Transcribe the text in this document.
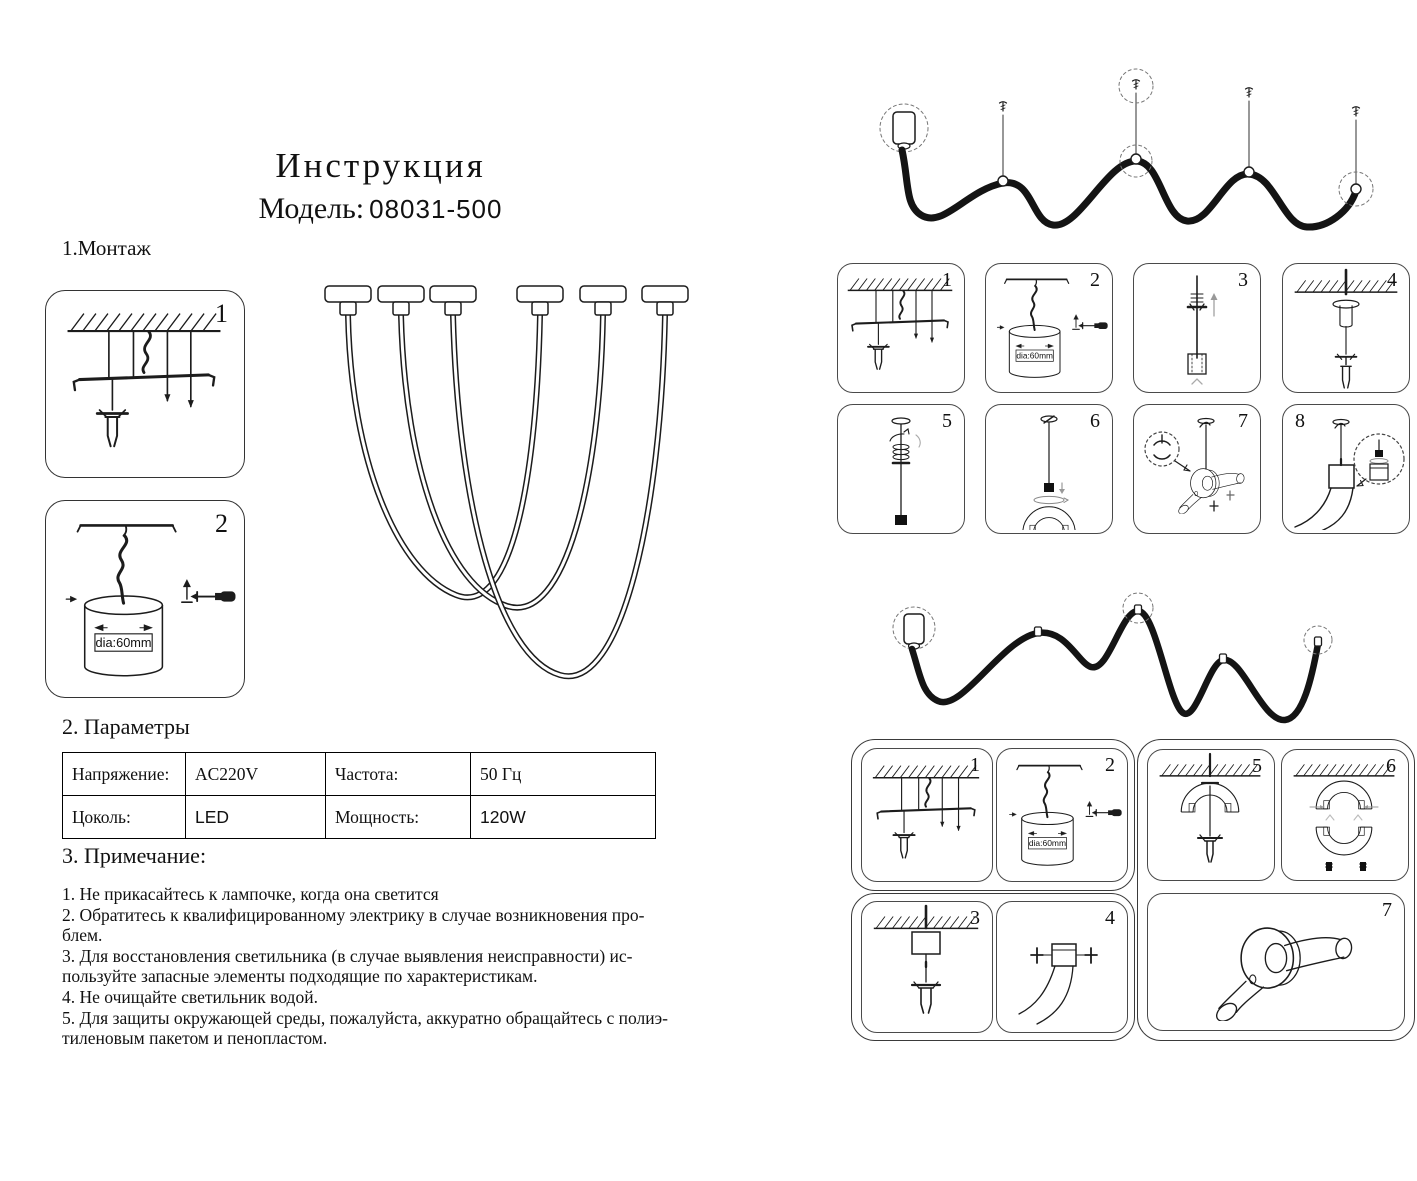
Инструкция
Модель: 08031-500
1.Монтаж
1
2
2. Параметры
Напряжение:	AC220V	Частота:	50 Гц
Цоколь:	LED	Мощность:	120W
3. Примечание:
1. Не прикасайтесь к лампочке, когда она светится
2. Обратитесь к квалифицированному электрику в случае возникновения про-
блем.
3. Для восстановления светильника (в случае выявления неисправности) ис-
пользуйте запасные элементы подходящие по характеристикам.
4. Не очищайте светильник водой.
5. Для защиты окружающей среды, пожалуйста, аккуратно обращайтесь с полиэ-
тиленовым пакетом и пенопластом.
1	2	3	4
5	6	7 8
1	2
3	4
5	6
7
